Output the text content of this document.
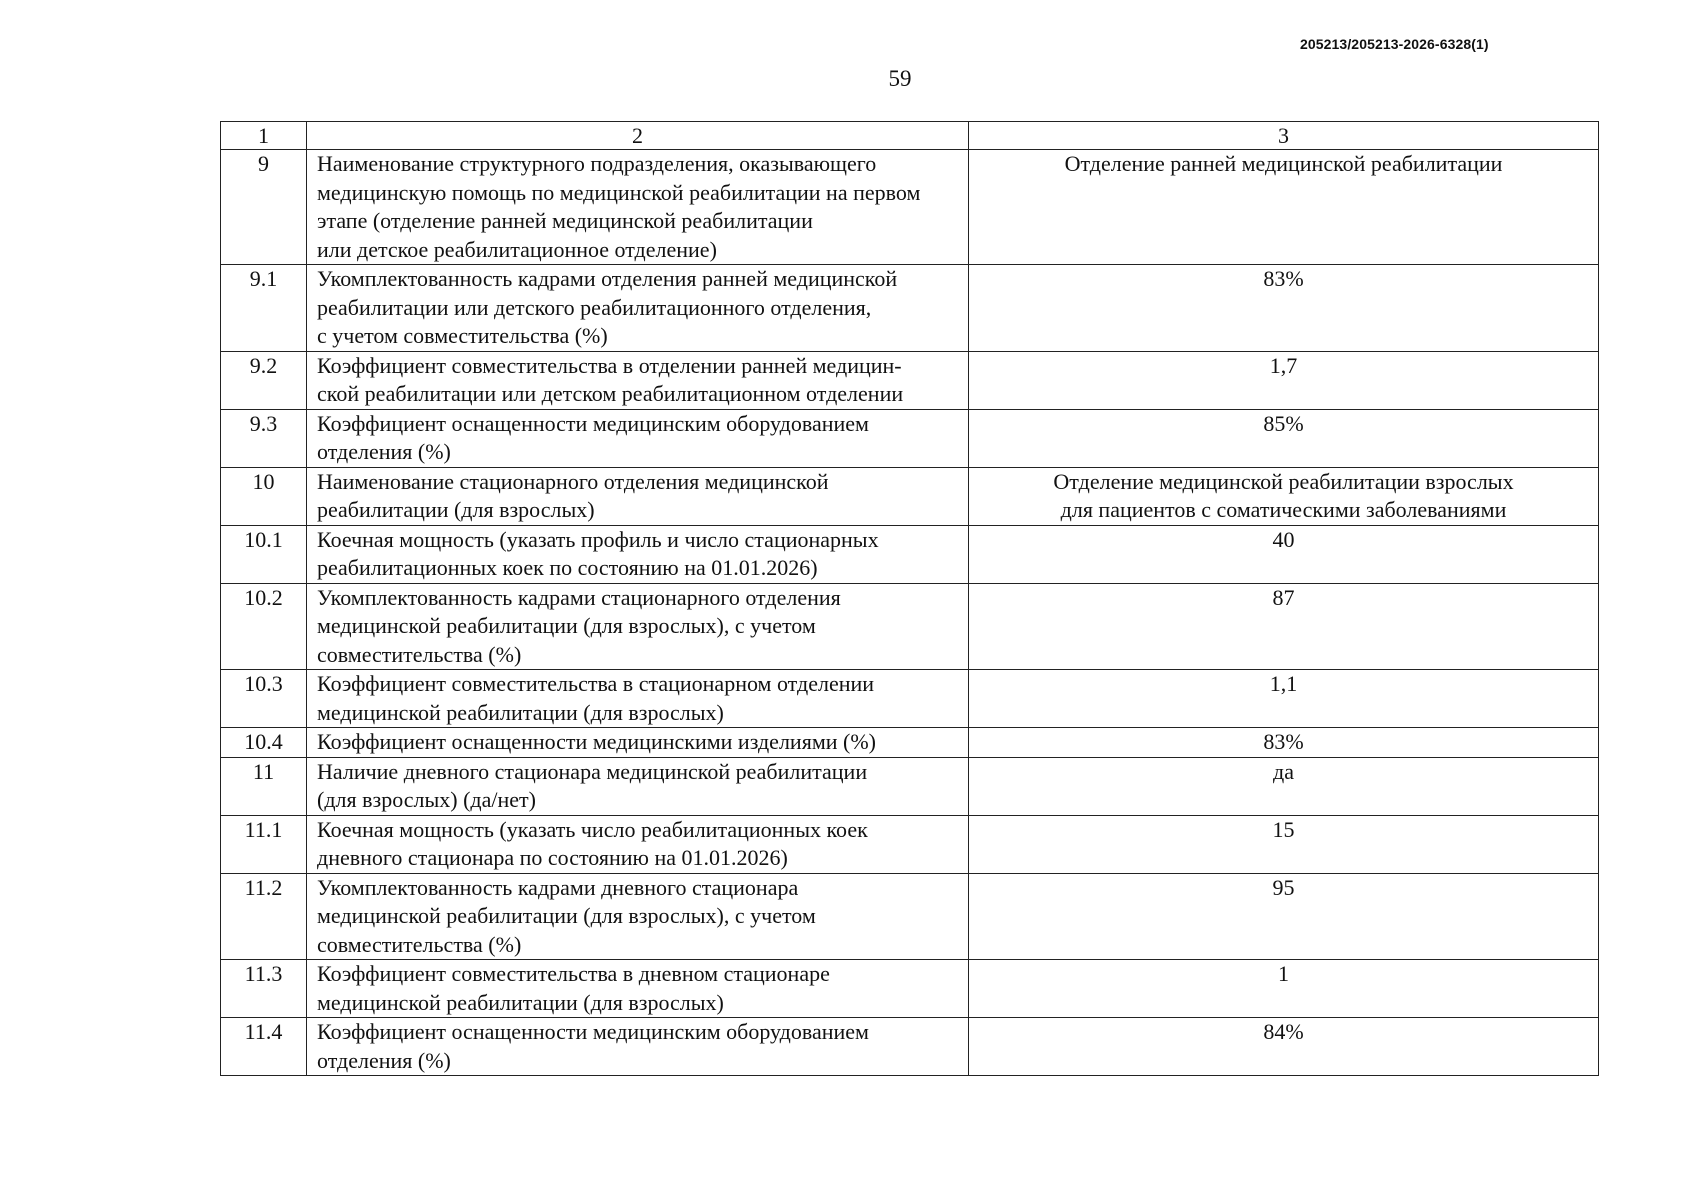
205213/205213-2026-6328(1)
59
1	2	3
9	Наименование структурного подразделения, оказывающего
медицинскую помощь по медицинской реабилитации на первом
этапе (отделение ранней медицинской реабилитации
или детское реабилитационное отделение)	Отделение ранней медицинской реабилитации
9.1	Укомплектованность кадрами отделения ранней медицинской
реабилитации или детского реабилитационного отделения,
с учетом совместительства (%)	83%
9.2	Коэффициент совместительства в отделении ранней медицин-
ской реабилитации или детском реабилитационном отделении	1,7
9.3	Коэффициент оснащенности медицинским оборудованием
отделения (%)	85%
10	Наименование стационарного отделения медицинской
реабилитации (для взрослых)	Отделение медицинской реабилитации взрослых
для пациентов с соматическими заболеваниями
10.1	Коечная мощность (указать профиль и число стационарных
реабилитационных коек по состоянию на 01.01.2026)	40
10.2	Укомплектованность кадрами стационарного отделения
медицинской реабилитации (для взрослых), с учетом
совместительства (%)	87
10.3	Коэффициент совместительства в стационарном отделении
медицинской реабилитации (для взрослых)	1,1
10.4	Коэффициент оснащенности медицинскими изделиями (%)	83%
11	Наличие дневного стационара медицинской реабилитации
(для взрослых) (да/нет)	да
11.1	Коечная мощность (указать число реабилитационных коек
дневного стационара по состоянию на 01.01.2026)	15
11.2	Укомплектованность кадрами дневного стационара
медицинской реабилитации (для взрослых), с учетом
совместительства (%)	95
11.3	Коэффициент совместительства в дневном стационаре
медицинской реабилитации (для взрослых)	1
11.4	Коэффициент оснащенности медицинским оборудованием
отделения (%)	84%
